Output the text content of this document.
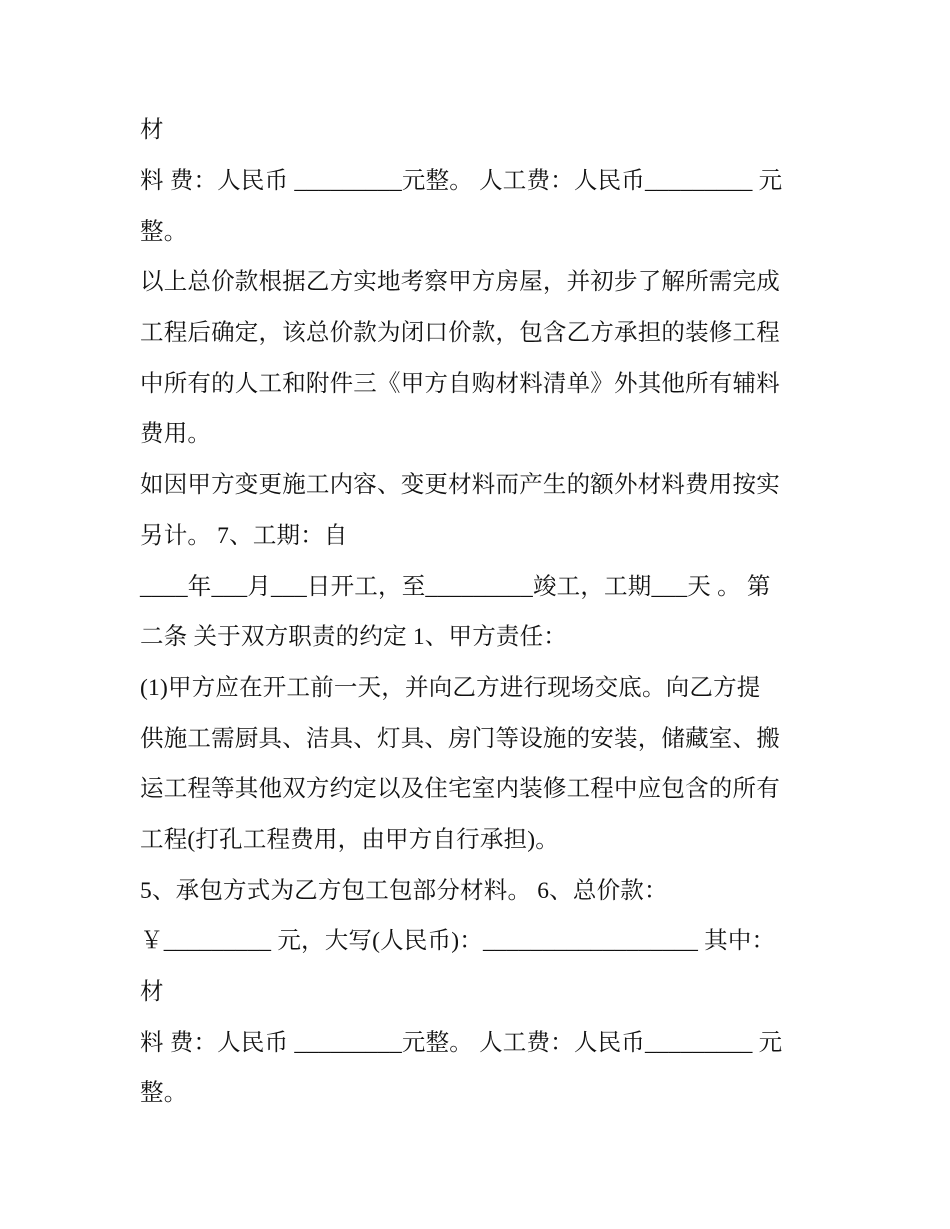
材
料 费：人民币 _________元整。 人工费：人民币_________ 元
整。
以上总价款根据乙方实地考察甲方房屋，并初步了解所需完成
工程后确定，该总价款为闭口价款，包含乙方承担的装修工程
中所有的人工和附件三《甲方自购材料清单》外其他所有辅料
费用。
如因甲方变更施工内容、变更材料而产生的额外材料费用按实
另计。 7、工期：自
____年___月___日开工，至_________竣工，工期___天 。 第
二条 关于双方职责的约定 1、甲方责任：
(1)甲方应在开工前一天，并向乙方进行现场交底。向乙方提
供施工需厨具、洁具、灯具、房门等设施的安装，储藏室、搬
运工程等其他双方约定以及住宅室内装修工程中应包含的所有
工程(打孔工程费用，由甲方自行承担)。
5、承包方式为乙方包工包部分材料。 6、总价款：
￥_________ 元，大写(人民币)：__________________ 其中：
材
料 费：人民币 _________元整。 人工费：人民币_________ 元
整。
